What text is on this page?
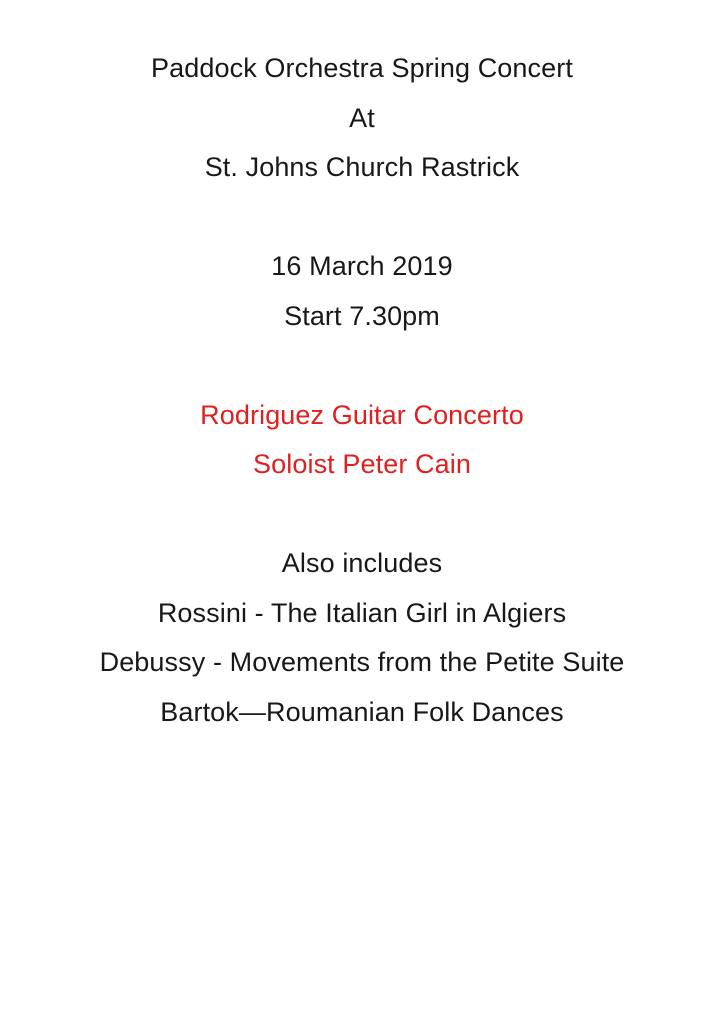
Paddock Orchestra Spring Concert

At

St. Johns Church Rastrick

16 March 2019

Start 7.30pm

Rodriguez Guitar Concerto

Soloist Peter Cain

Also includes

Rossini - The Italian Girl in Algiers

Debussy - Movements from the Petite Suite

Bartok—Roumanian Folk Dances
